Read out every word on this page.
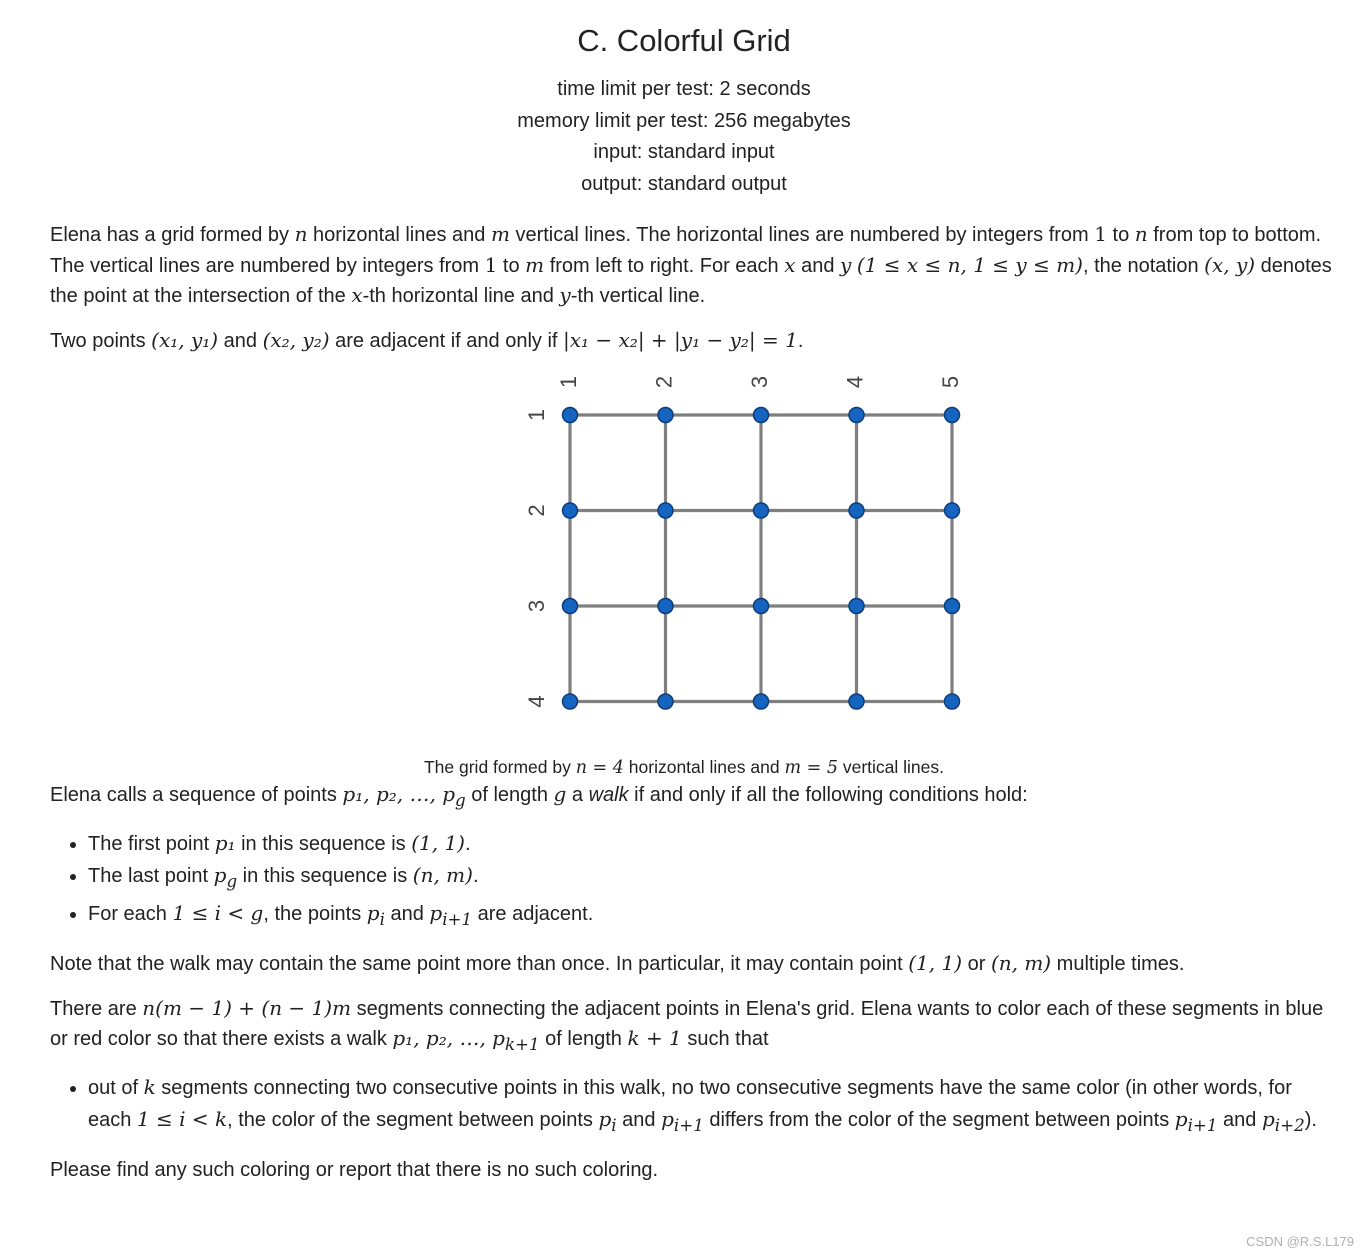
C. Colorful Grid
time limit per test: 2 seconds
memory limit per test: 256 megabytes
input: standard input
output: standard output

Elena has a grid formed by n horizontal lines and m vertical lines. The horizontal lines are numbered by integers from 1 to n from top to bottom. The vertical lines are numbered by integers from 1 to m from left to right. For each x and y (1 ≤ x ≤ n, 1 ≤ y ≤ m), the notation (x, y) denotes the point at the intersection of the x-th horizontal line and y-th vertical line.

Two points (x₁, y₁) and (x₂, y₂) are adjacent if and only if |x₁ − x₂| + |y₁ − y₂| = 1.

1	2	3	4	5
1
2
3
4
The grid formed by n = 4 horizontal lines and m = 5 vertical lines.

Elena calls a sequence of points p₁, p₂, …, $p_g$ of length g a walk if and only if all the following conditions hold:

• The first point p₁ in this sequence is (1, 1).
• The last point $p_g$ in this sequence is (n, m).
• For each 1 ≤ i < g, the points $p_i$ and $p_{i+1}$ are adjacent.

Note that the walk may contain the same point more than once. In particular, it may contain point (1, 1) or (n, m) multiple times.

There are n(m − 1) + (n − 1)m segments connecting the adjacent points in Elena's grid. Elena wants to color each of these segments in blue or red color so that there exists a walk p₁, p₂, …, $p_{k+1}$ of length k + 1 such that

• out of k segments connecting two consecutive points in this walk, no two consecutive segments have the same color (in other words, for each 1 ≤ i < k, the color of the segment between points $p_i$ and $p_{i+1}$ differs from the color of the segment between points $p_{i+1}$ and $p_{i+2}$).

Please find any such coloring or report that there is no such coloring.

CSDN @R.S.L179
